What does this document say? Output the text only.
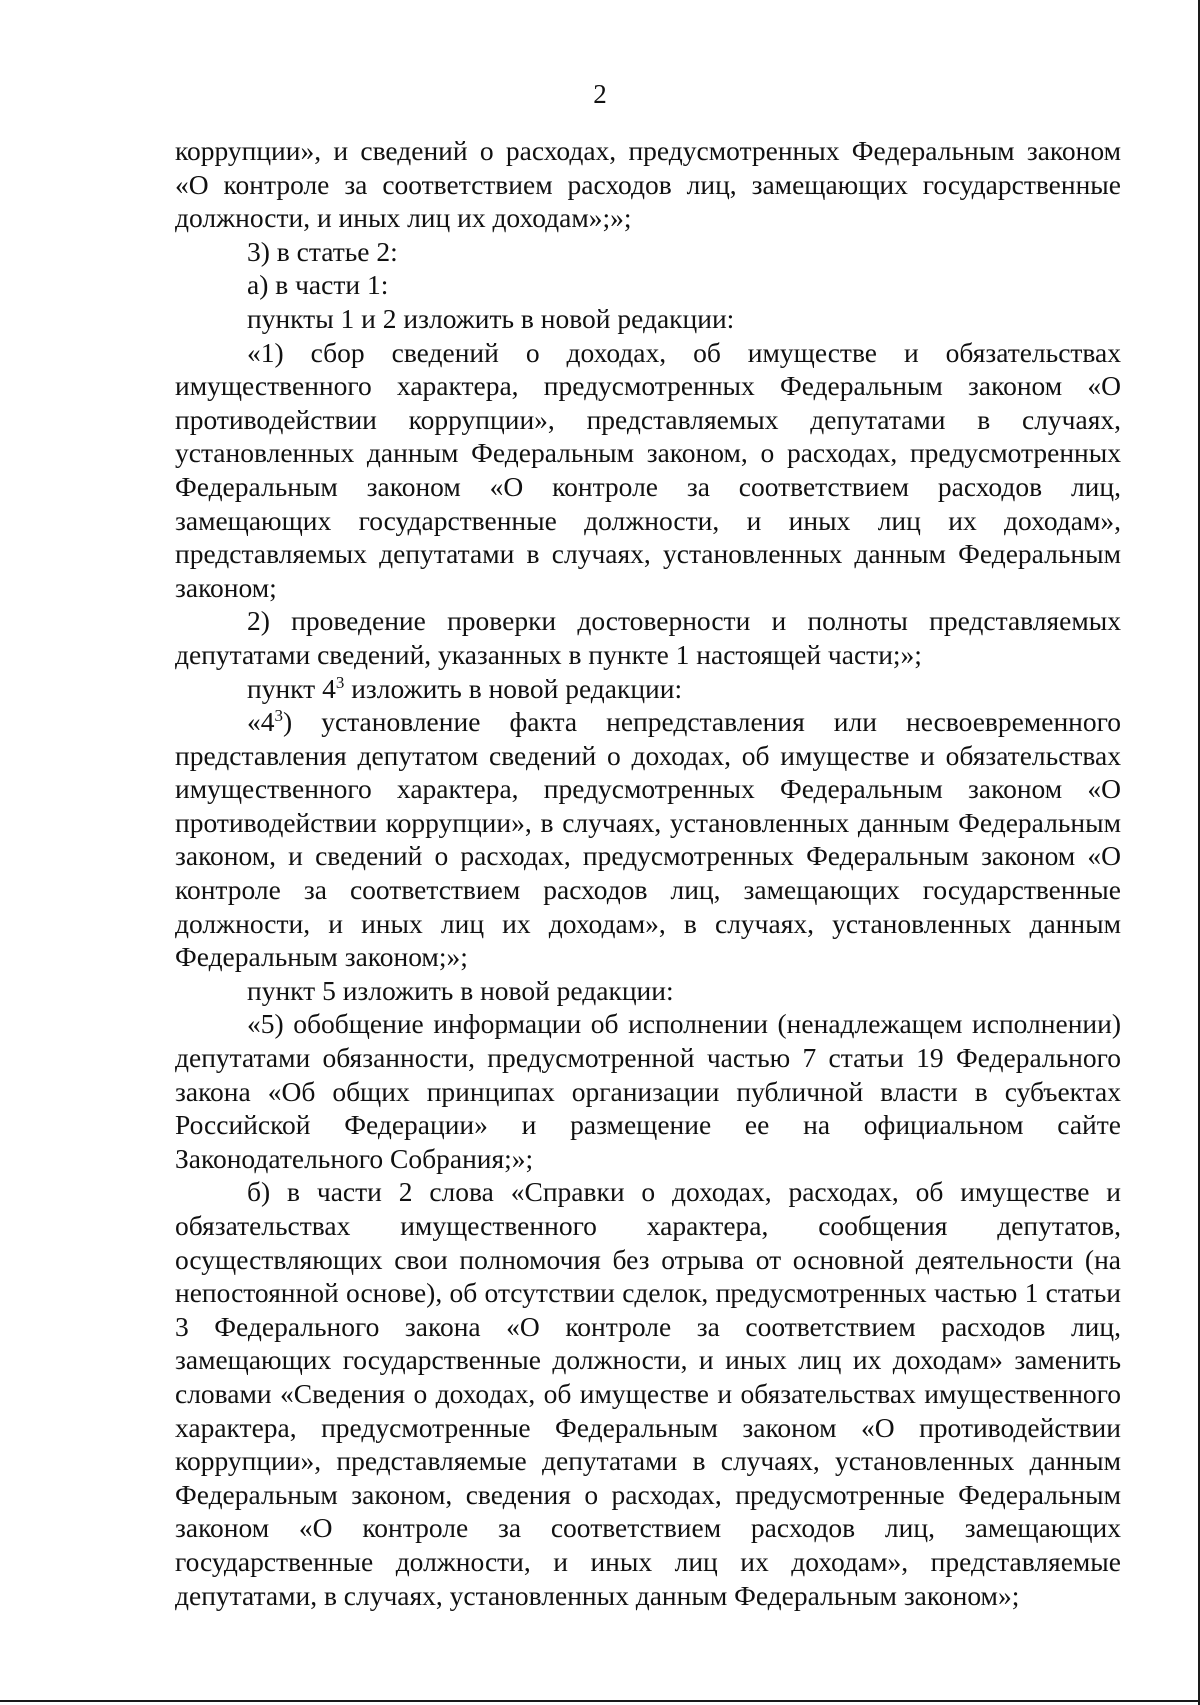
2

коррупции», и сведений о расходах, предусмотренных Федеральным законом «О контроле за соответствием расходов лиц, замещающих государственные должности, и иных лиц их доходам»;»;

3) в статье 2:

а) в части 1:

пункты 1 и 2 изложить в новой редакции:

«1) сбор сведений о доходах, об имуществе и обязательствах имущественного характера, предусмотренных Федеральным законом «О противодействии коррупции», представляемых депутатами в случаях, установленных данным Федеральным законом, о расходах, предусмотренных Федеральным законом «О контроле за соответствием расходов лиц, замещающих государственные должности, и иных лиц их доходам», представляемых депутатами в случаях, установленных данным Федеральным законом;

2) проведение проверки достоверности и полноты представляемых депутатами сведений, указанных в пункте 1 настоящей части;»;

пункт $4^3$ изложить в новой редакции:

«$4^3$) установление факта непредставления или несвоевременного представления депутатом сведений о доходах, об имуществе и обязательствах имущественного характера, предусмотренных Федеральным законом «О противодействии коррупции», в случаях, установленных данным Федеральным законом, и сведений о расходах, предусмотренных Федеральным законом «О контроле за соответствием расходов лиц, замещающих государственные должности, и иных лиц их доходам», в случаях, установленных данным Федеральным законом;»;

пункт 5 изложить в новой редакции:

«5) обобщение информации об исполнении (ненадлежащем исполнении) депутатами обязанности, предусмотренной частью 7 статьи 19 Федерального закона «Об общих принципах организации публичной власти в субъектах Российской Федерации» и размещение ее на официальном сайте Законодательного Собрания;»;

б) в части 2 слова «Справки о доходах, расходах, об имуществе и обязательствах имущественного характера, сообщения депутатов, осуществляющих свои полномочия без отрыва от основной деятельности (на непостоянной основе), об отсутствии сделок, предусмотренных частью 1 статьи 3 Федерального закона «О контроле за соответствием расходов лиц, замещающих государственные должности, и иных лиц их доходам» заменить словами «Сведения о доходах, об имуществе и обязательствах имущественного характера, предусмотренные Федеральным законом «О противодействии коррупции», представляемые депутатами в случаях, установленных данным Федеральным законом, сведения о расходах, предусмотренные Федеральным законом «О контроле за соответствием расходов лиц, замещающих государственные должности, и иных лиц их доходам», представляемые депутатами, в случаях, установленных данным Федеральным законом»;
